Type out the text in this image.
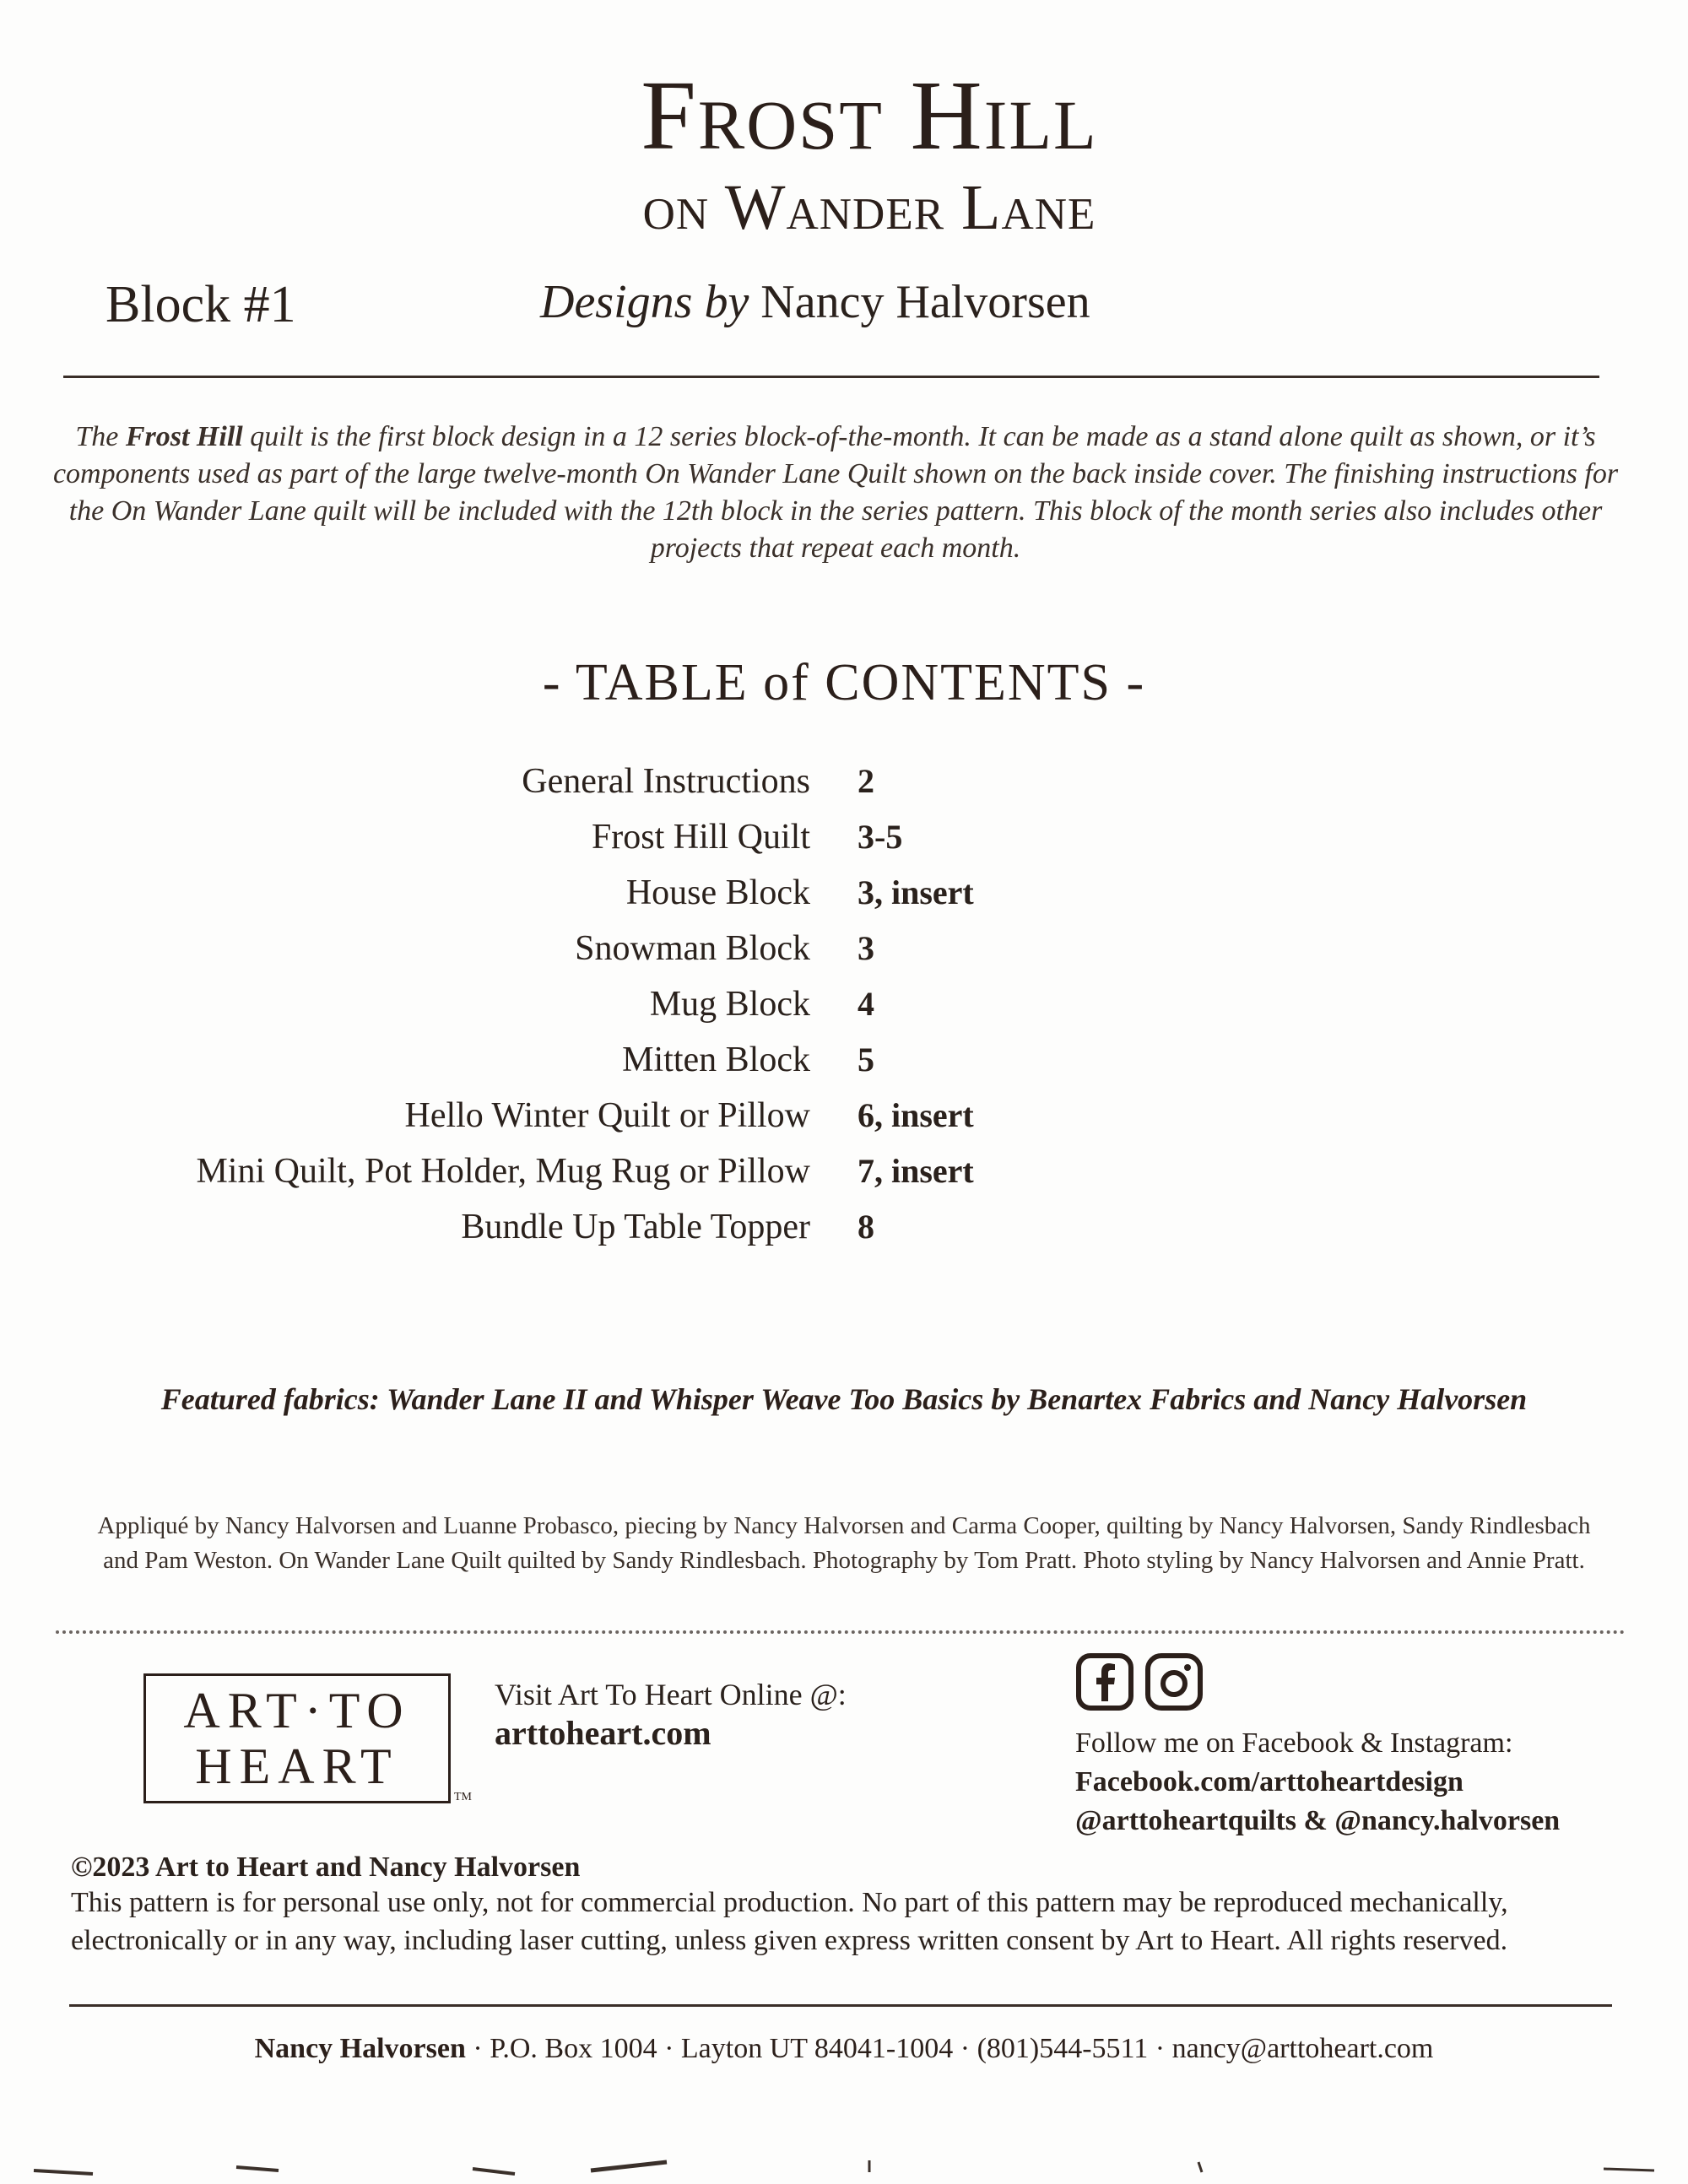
Frost Hill
on Wander Lane
Block #1	Designs by Nancy Halvorsen
The Frost Hill quilt is the first block design in a 12 series block-of-the-month. It can be made as a stand alone quilt as shown, or it’s components used as part of the large twelve-month On Wander Lane Quilt shown on the back inside cover. The finishing instructions for the On Wander Lane quilt will be included with the 12th block in the series pattern. This block of the month series also includes other projects that repeat each month.
- TABLE of CONTENTS -
General Instructions 2
Frost Hill Quilt 3-5
House Block 3, insert
Snowman Block 3
Mug Block 4
Mitten Block 5
Hello Winter Quilt or Pillow 6, insert
Mini Quilt, Pot Holder, Mug Rug or Pillow 7, insert
Bundle Up Table Topper 8
Featured fabrics: Wander Lane II and Whisper Weave Too Basics by Benartex Fabrics and Nancy Halvorsen
Appliqué by Nancy Halvorsen and Luanne Probasco, piecing by Nancy Halvorsen and Carma Cooper, quilting by Nancy Halvorsen, Sandy Rindlesbach and Pam Weston. On Wander Lane Quilt quilted by Sandy Rindlesbach. Photography by Tom Pratt. Photo styling by Nancy Halvorsen and Annie Pratt.
ART·TO
HEART
TM
Visit Art To Heart Online @:
arttoheart.com	Follow me on Facebook & Instagram:
Facebook.com/arttoheartdesign
@arttoheartquilts & @nancy.halvorsen
©2023 Art to Heart and Nancy Halvorsen
This pattern is for personal use only, not for commercial production. No part of this pattern may be reproduced mechanically, electronically or in any way, including laser cutting, unless given express written consent by Art to Heart. All rights reserved.
Nancy Halvorsen · P.O. Box 1004 · Layton UT 84041-1004 · (801)544-5511 · nancy@arttoheart.com
